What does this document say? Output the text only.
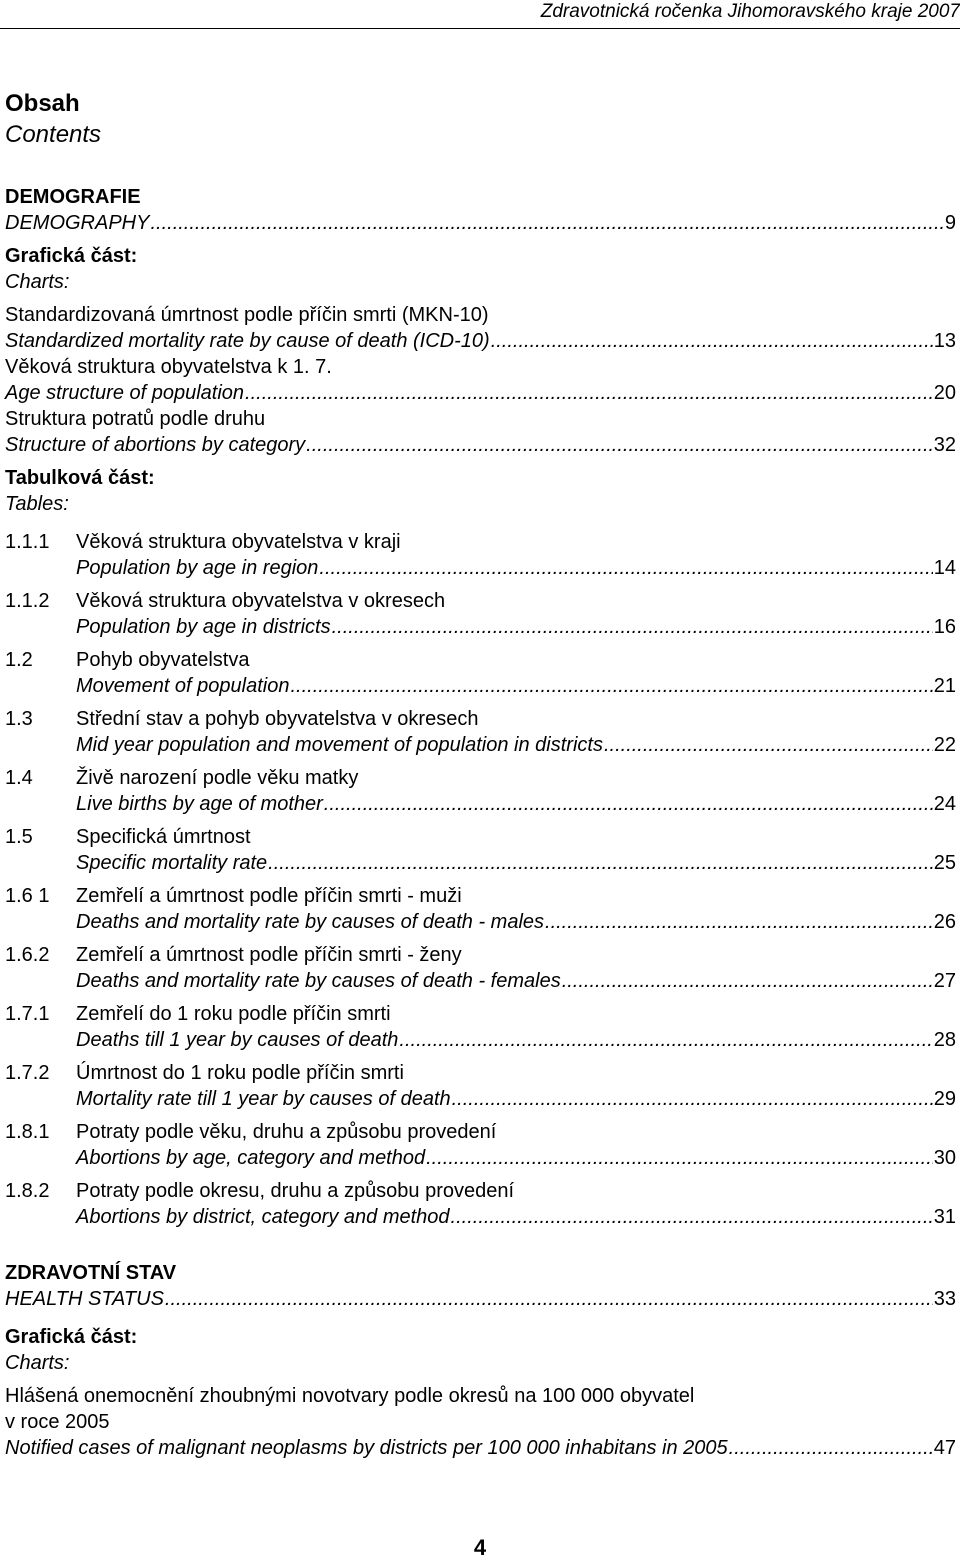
Zdravotnická ročenka Jihomoravského kraje 2007
Obsah
Contents
DEMOGRAFIE
DEMOGRAPHY .....	9
Grafická část:
Charts:
Standardizovaná úmrtnost podle příčin smrti (MKN-10)
Standardized mortality rate by cause of death (ICD-10) .....	13
Věková struktura obyvatelstva k 1. 7.
Age structure of population .....	20
Struktura potratů podle druhu
Structure of abortions by category .....	32
Tabulková část:
Tables:
1.1.1	Věková struktura obyvatelstva v kraji
Population by age in region .....	14
1.1.2	Věková struktura obyvatelstva v okresech
Population by age in districts .....	16
1.2	Pohyb obyvatelstva
Movement of population .....	21
1.3	Střední stav a pohyb obyvatelstva v okresech
Mid year population and movement of population in districts .....	22
1.4	Živě narození podle věku matky
Live births by age of mother .....	24
1.5	Specifická úmrtnost
Specific mortality rate .....	25
1.6 1	Zemřelí a úmrtnost podle příčin smrti - muži
Deaths and mortality rate by causes of death - males .....	26
1.6.2	Zemřelí a úmrtnost podle příčin smrti - ženy
Deaths and mortality rate by causes of death - females .....	27
1.7.1	Zemřelí do 1 roku podle příčin smrti
Deaths till 1 year by causes of death .....	28
1.7.2	Úmrtnost do 1 roku podle příčin smrti
Mortality rate till 1 year by causes of death .....	29
1.8.1	Potraty podle věku, druhu a způsobu provedení
Abortions by age, category and method .....	30
1.8.2	Potraty podle okresu, druhu a způsobu provedení
Abortions by district, category and method .....	31
ZDRAVOTNÍ STAV
HEALTH STATUS .....	33
Grafická část:
Charts:
Hlášená onemocnění zhoubnými novotvary podle okresů na 100 000 obyvatel
v roce 2005
Notified cases of malignant neoplasms by districts per 100 000 inhabitans in 2005 .....	47
4
